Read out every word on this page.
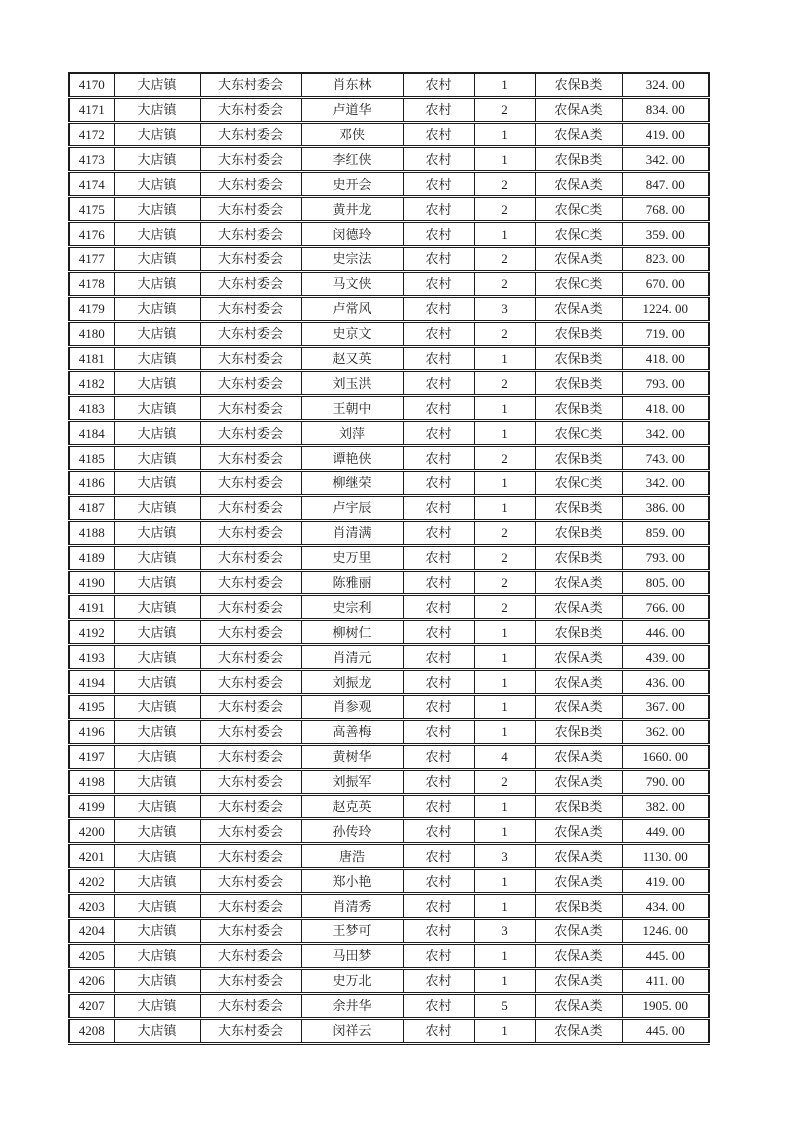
4170	大店镇	大东村委会	肖东林	农村	1	农保B类	324. 00
4171	大店镇	大东村委会	卢道华	农村	2	农保A类	834. 00
4172	大店镇	大东村委会	邓侠	农村	1	农保A类	419. 00
4173	大店镇	大东村委会	李红侠	农村	1	农保B类	342. 00
4174	大店镇	大东村委会	史开会	农村	2	农保A类	847. 00
4175	大店镇	大东村委会	黄井龙	农村	2	农保C类	768. 00
4176	大店镇	大东村委会	闵德玲	农村	1	农保C类	359. 00
4177	大店镇	大东村委会	史宗法	农村	2	农保A类	823. 00
4178	大店镇	大东村委会	马文侠	农村	2	农保C类	670. 00
4179	大店镇	大东村委会	卢常风	农村	3	农保A类	1224. 00
4180	大店镇	大东村委会	史京文	农村	2	农保B类	719. 00
4181	大店镇	大东村委会	赵又英	农村	1	农保B类	418. 00
4182	大店镇	大东村委会	刘玉洪	农村	2	农保B类	793. 00
4183	大店镇	大东村委会	王朝中	农村	1	农保B类	418. 00
4184	大店镇	大东村委会	刘萍	农村	1	农保C类	342. 00
4185	大店镇	大东村委会	谭艳侠	农村	2	农保B类	743. 00
4186	大店镇	大东村委会	柳继荣	农村	1	农保C类	342. 00
4187	大店镇	大东村委会	卢宇辰	农村	1	农保B类	386. 00
4188	大店镇	大东村委会	肖清满	农村	2	农保B类	859. 00
4189	大店镇	大东村委会	史万里	农村	2	农保B类	793. 00
4190	大店镇	大东村委会	陈雅丽	农村	2	农保A类	805. 00
4191	大店镇	大东村委会	史宗利	农村	2	农保A类	766. 00
4192	大店镇	大东村委会	柳树仁	农村	1	农保B类	446. 00
4193	大店镇	大东村委会	肖清元	农村	1	农保A类	439. 00
4194	大店镇	大东村委会	刘振龙	农村	1	农保A类	436. 00
4195	大店镇	大东村委会	肖参观	农村	1	农保A类	367. 00
4196	大店镇	大东村委会	高善梅	农村	1	农保B类	362. 00
4197	大店镇	大东村委会	黄树华	农村	4	农保A类	1660. 00
4198	大店镇	大东村委会	刘振军	农村	2	农保A类	790. 00
4199	大店镇	大东村委会	赵克英	农村	1	农保B类	382. 00
4200	大店镇	大东村委会	孙传玲	农村	1	农保A类	449. 00
4201	大店镇	大东村委会	唐浩	农村	3	农保A类	1130. 00
4202	大店镇	大东村委会	郑小艳	农村	1	农保A类	419. 00
4203	大店镇	大东村委会	肖清秀	农村	1	农保B类	434. 00
4204	大店镇	大东村委会	王梦可	农村	3	农保A类	1246. 00
4205	大店镇	大东村委会	马田梦	农村	1	农保A类	445. 00
4206	大店镇	大东村委会	史万北	农村	1	农保A类	411. 00
4207	大店镇	大东村委会	余井华	农村	5	农保A类	1905. 00
4208	大店镇	大东村委会	闵祥云	农村	1	农保A类	445. 00
